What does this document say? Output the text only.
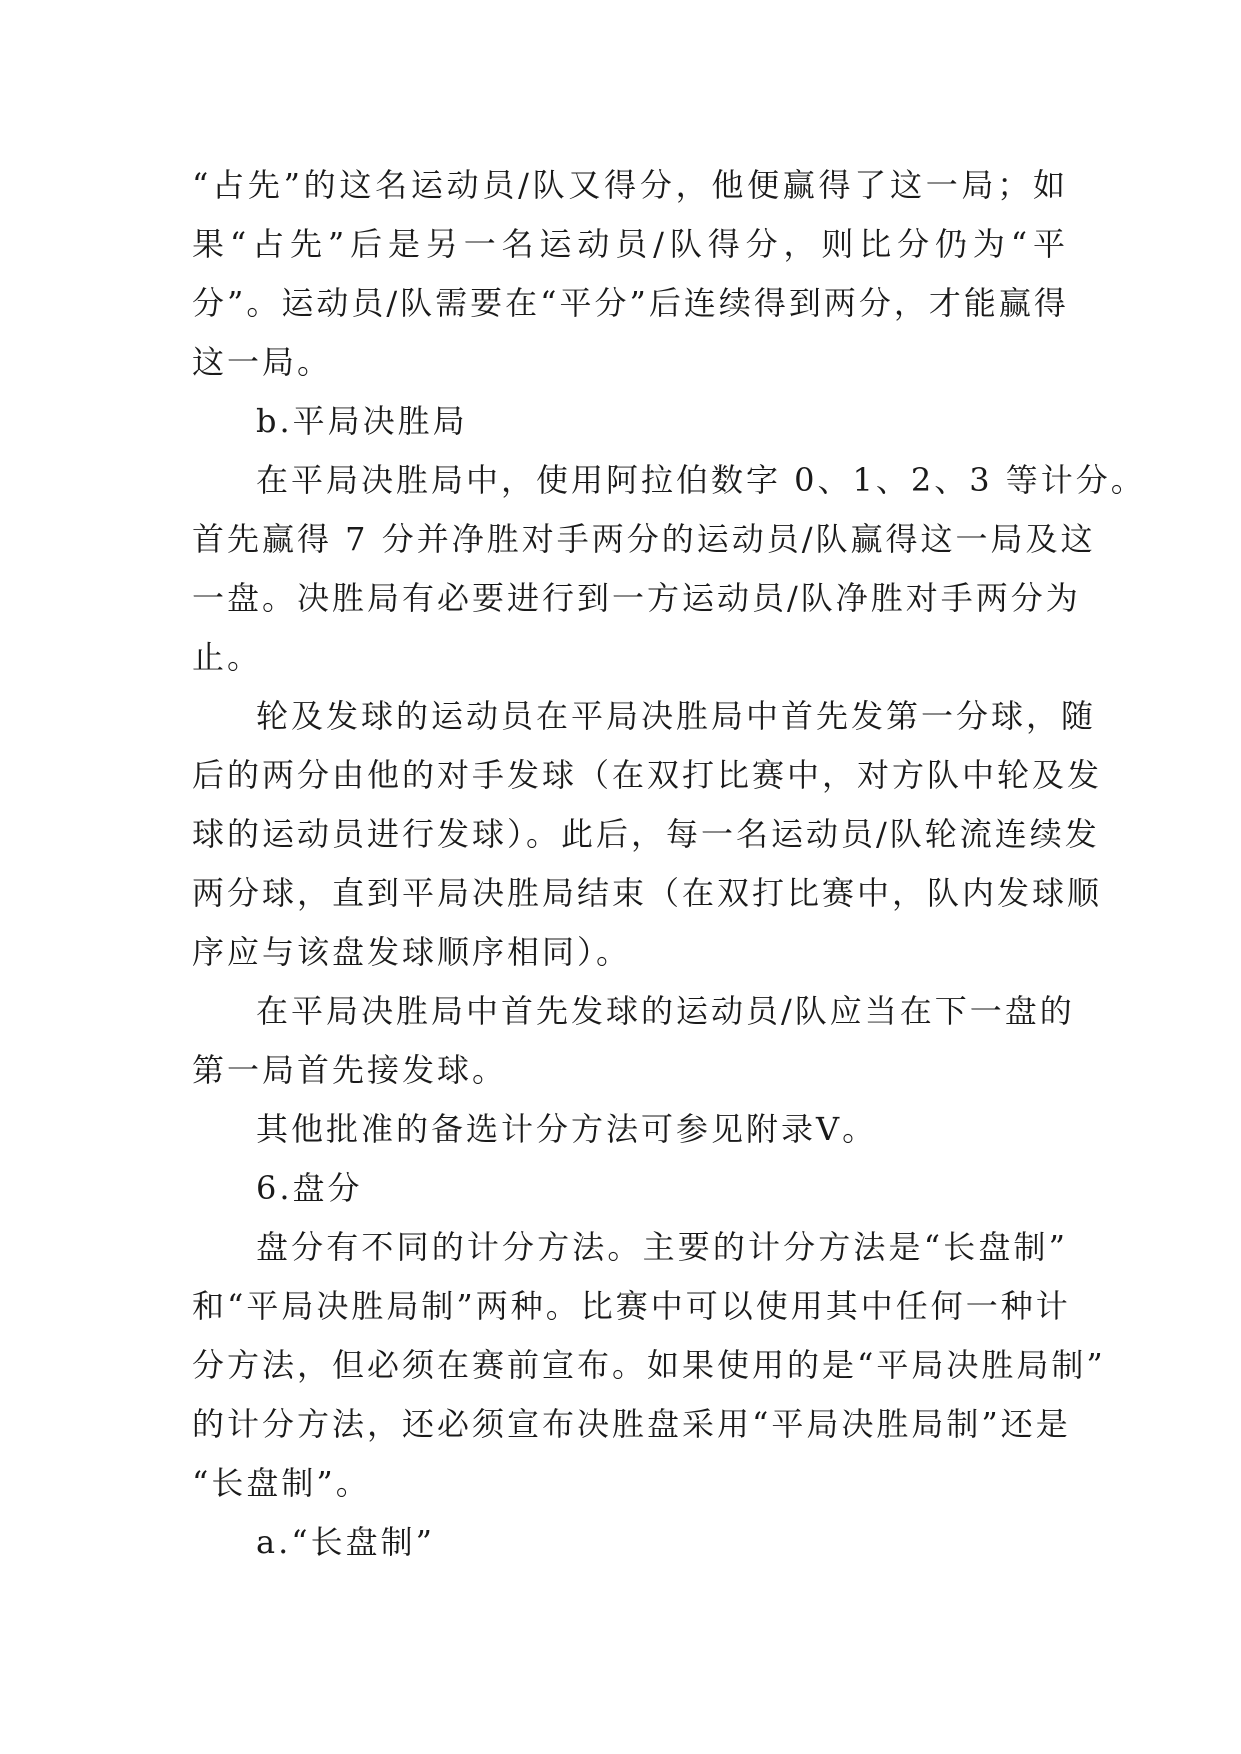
“占先”的这名运动员/队又得分，他便赢得了这一局；如
果“占先”后是另一名运动员/队得分，则比分仍为“平
分”。运动员/队需要在“平分”后连续得到两分，才能赢得
这一局。
b.平局决胜局
在平局决胜局中，使用阿拉伯数字 0、1、2、3 等计分。
首先赢得 7 分并净胜对手两分的运动员/队赢得这一局及这
一盘。决胜局有必要进行到一方运动员/队净胜对手两分为
止。
轮及发球的运动员在平局决胜局中首先发第一分球，随
后的两分由他的对手发球（在双打比赛中，对方队中轮及发
球的运动员进行发球）。此后，每一名运动员/队轮流连续发
两分球，直到平局决胜局结束（在双打比赛中，队内发球顺
序应与该盘发球顺序相同）。
在平局决胜局中首先发球的运动员/队应当在下一盘的
第一局首先接发球。
其他批准的备选计分方法可参见附录Ⅴ。
6.盘分
盘分有不同的计分方法。主要的计分方法是“长盘制”
和“平局决胜局制”两种。比赛中可以使用其中任何一种计
分方法，但必须在赛前宣布。如果使用的是“平局决胜局制”
的计分方法，还必须宣布决胜盘采用“平局决胜局制”还是
“长盘制”。
a.“长盘制”
